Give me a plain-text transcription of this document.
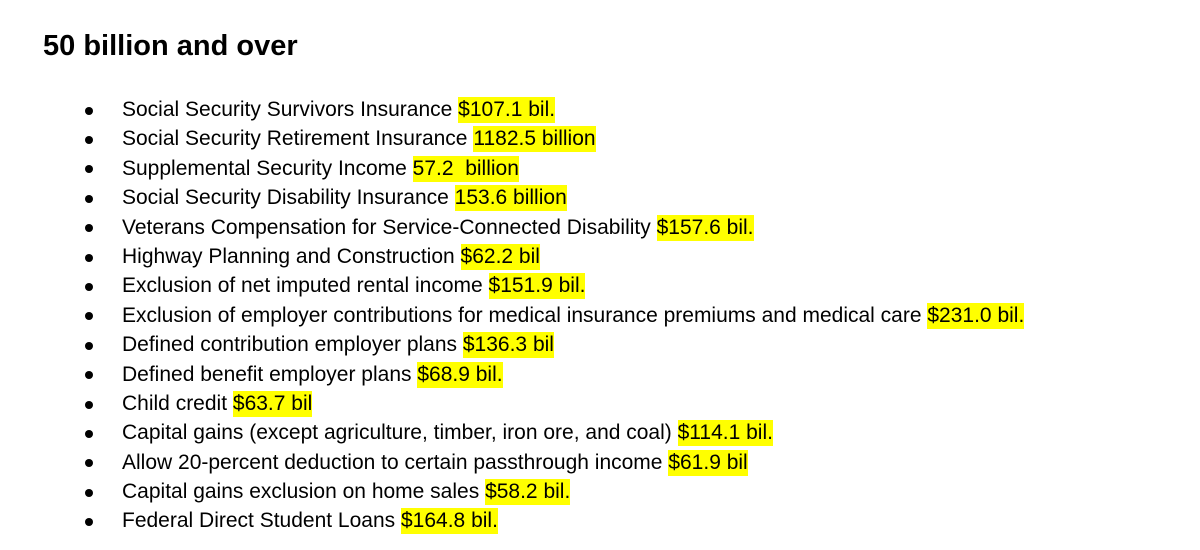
50 billion and over
Social Security Survivors Insurance $107.1 bil.
Social Security Retirement Insurance 1182.5 billion
Supplemental Security Income 57.2  billion
Social Security Disability Insurance 153.6 billion
Veterans Compensation for Service-Connected Disability $157.6 bil.
Highway Planning and Construction $62.2 bil
Exclusion of net imputed rental income $151.9 bil.
Exclusion of employer contributions for medical insurance premiums and medical care $231.0 bil.
Defined contribution employer plans $136.3 bil
Defined benefit employer plans $68.9 bil.
Child credit $63.7 bil
Capital gains (except agriculture, timber, iron ore, and coal) $114.1 bil.
Allow 20-percent deduction to certain passthrough income $61.9 bil
Capital gains exclusion on home sales $58.2 bil.
Federal Direct Student Loans $164.8 bil.
